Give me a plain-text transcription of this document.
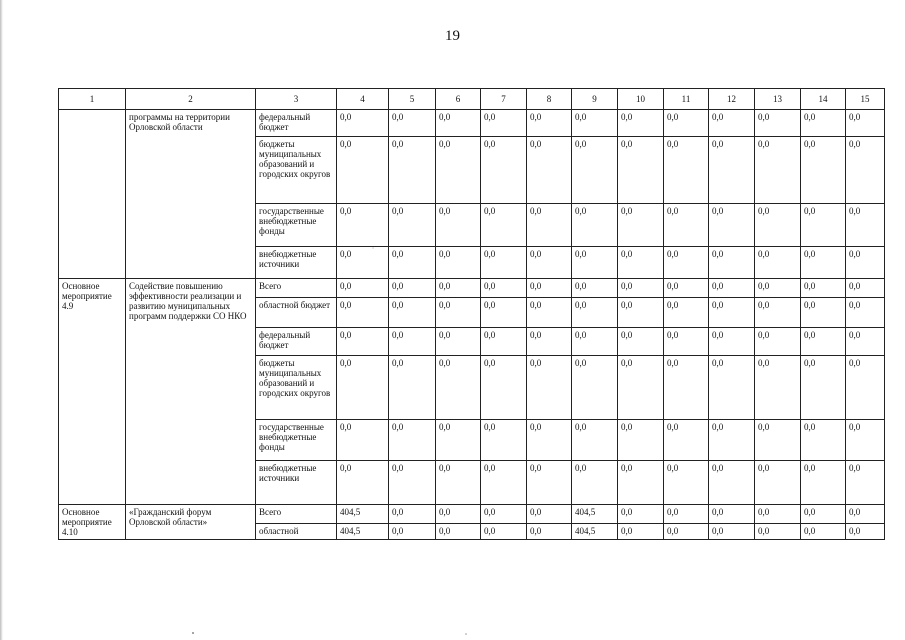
19
1	2	3	4	5	6	7	8	9	10	11	12	13	14	15
	программы на территории Орловской области	федеральный бюджет	0,0	0,0	0,0	0,0	0,0	0,0	0,0	0,0	0,0	0,0	0,0	0,0
		бюджеты муниципальных образований и городских округов	0,0	0,0	0,0	0,0	0,0	0,0	0,0	0,0	0,0	0,0	0,0	0,0
		государственные внебюджетные фонды	0,0	0,0	0,0	0,0	0,0	0,0	0,0	0,0	0,0	0,0	0,0	0,0
		внебюджетные источники	0,0	0,0	0,0	0,0	0,0	0,0	0,0	0,0	0,0	0,0	0,0	0,0
Основное мероприятие 4.9	Содействие повышению эффективности реализации и развитию муниципальных программ поддержки СО НКО	Всего	0,0	0,0	0,0	0,0	0,0	0,0	0,0	0,0	0,0	0,0	0,0	0,0
		областной бюджет	0,0	0,0	0,0	0,0	0,0	0,0	0,0	0,0	0,0	0,0	0,0	0,0
		федеральный бюджет	0,0	0,0	0,0	0,0	0,0	0,0	0,0	0,0	0,0	0,0	0,0	0,0
		бюджеты муниципальных образований и городских округов	0,0	0,0	0,0	0,0	0,0	0,0	0,0	0,0	0,0	0,0	0,0	0,0
		государственные внебюджетные фонды	0,0	0,0	0,0	0,0	0,0	0,0	0,0	0,0	0,0	0,0	0,0	0,0
		внебюджетные источники	0,0	0,0	0,0	0,0	0,0	0,0	0,0	0,0	0,0	0,0	0,0	0,0
Основное мероприятие 4.10	«Гражданский форум Орловской области»	Всего	404,5	0,0	0,0	0,0	0,0	404,5	0,0	0,0	0,0	0,0	0,0	0,0
		областной	404,5	0,0	0,0	0,0	0,0	404,5	0,0	0,0	0,0	0,0	0,0	0,0
